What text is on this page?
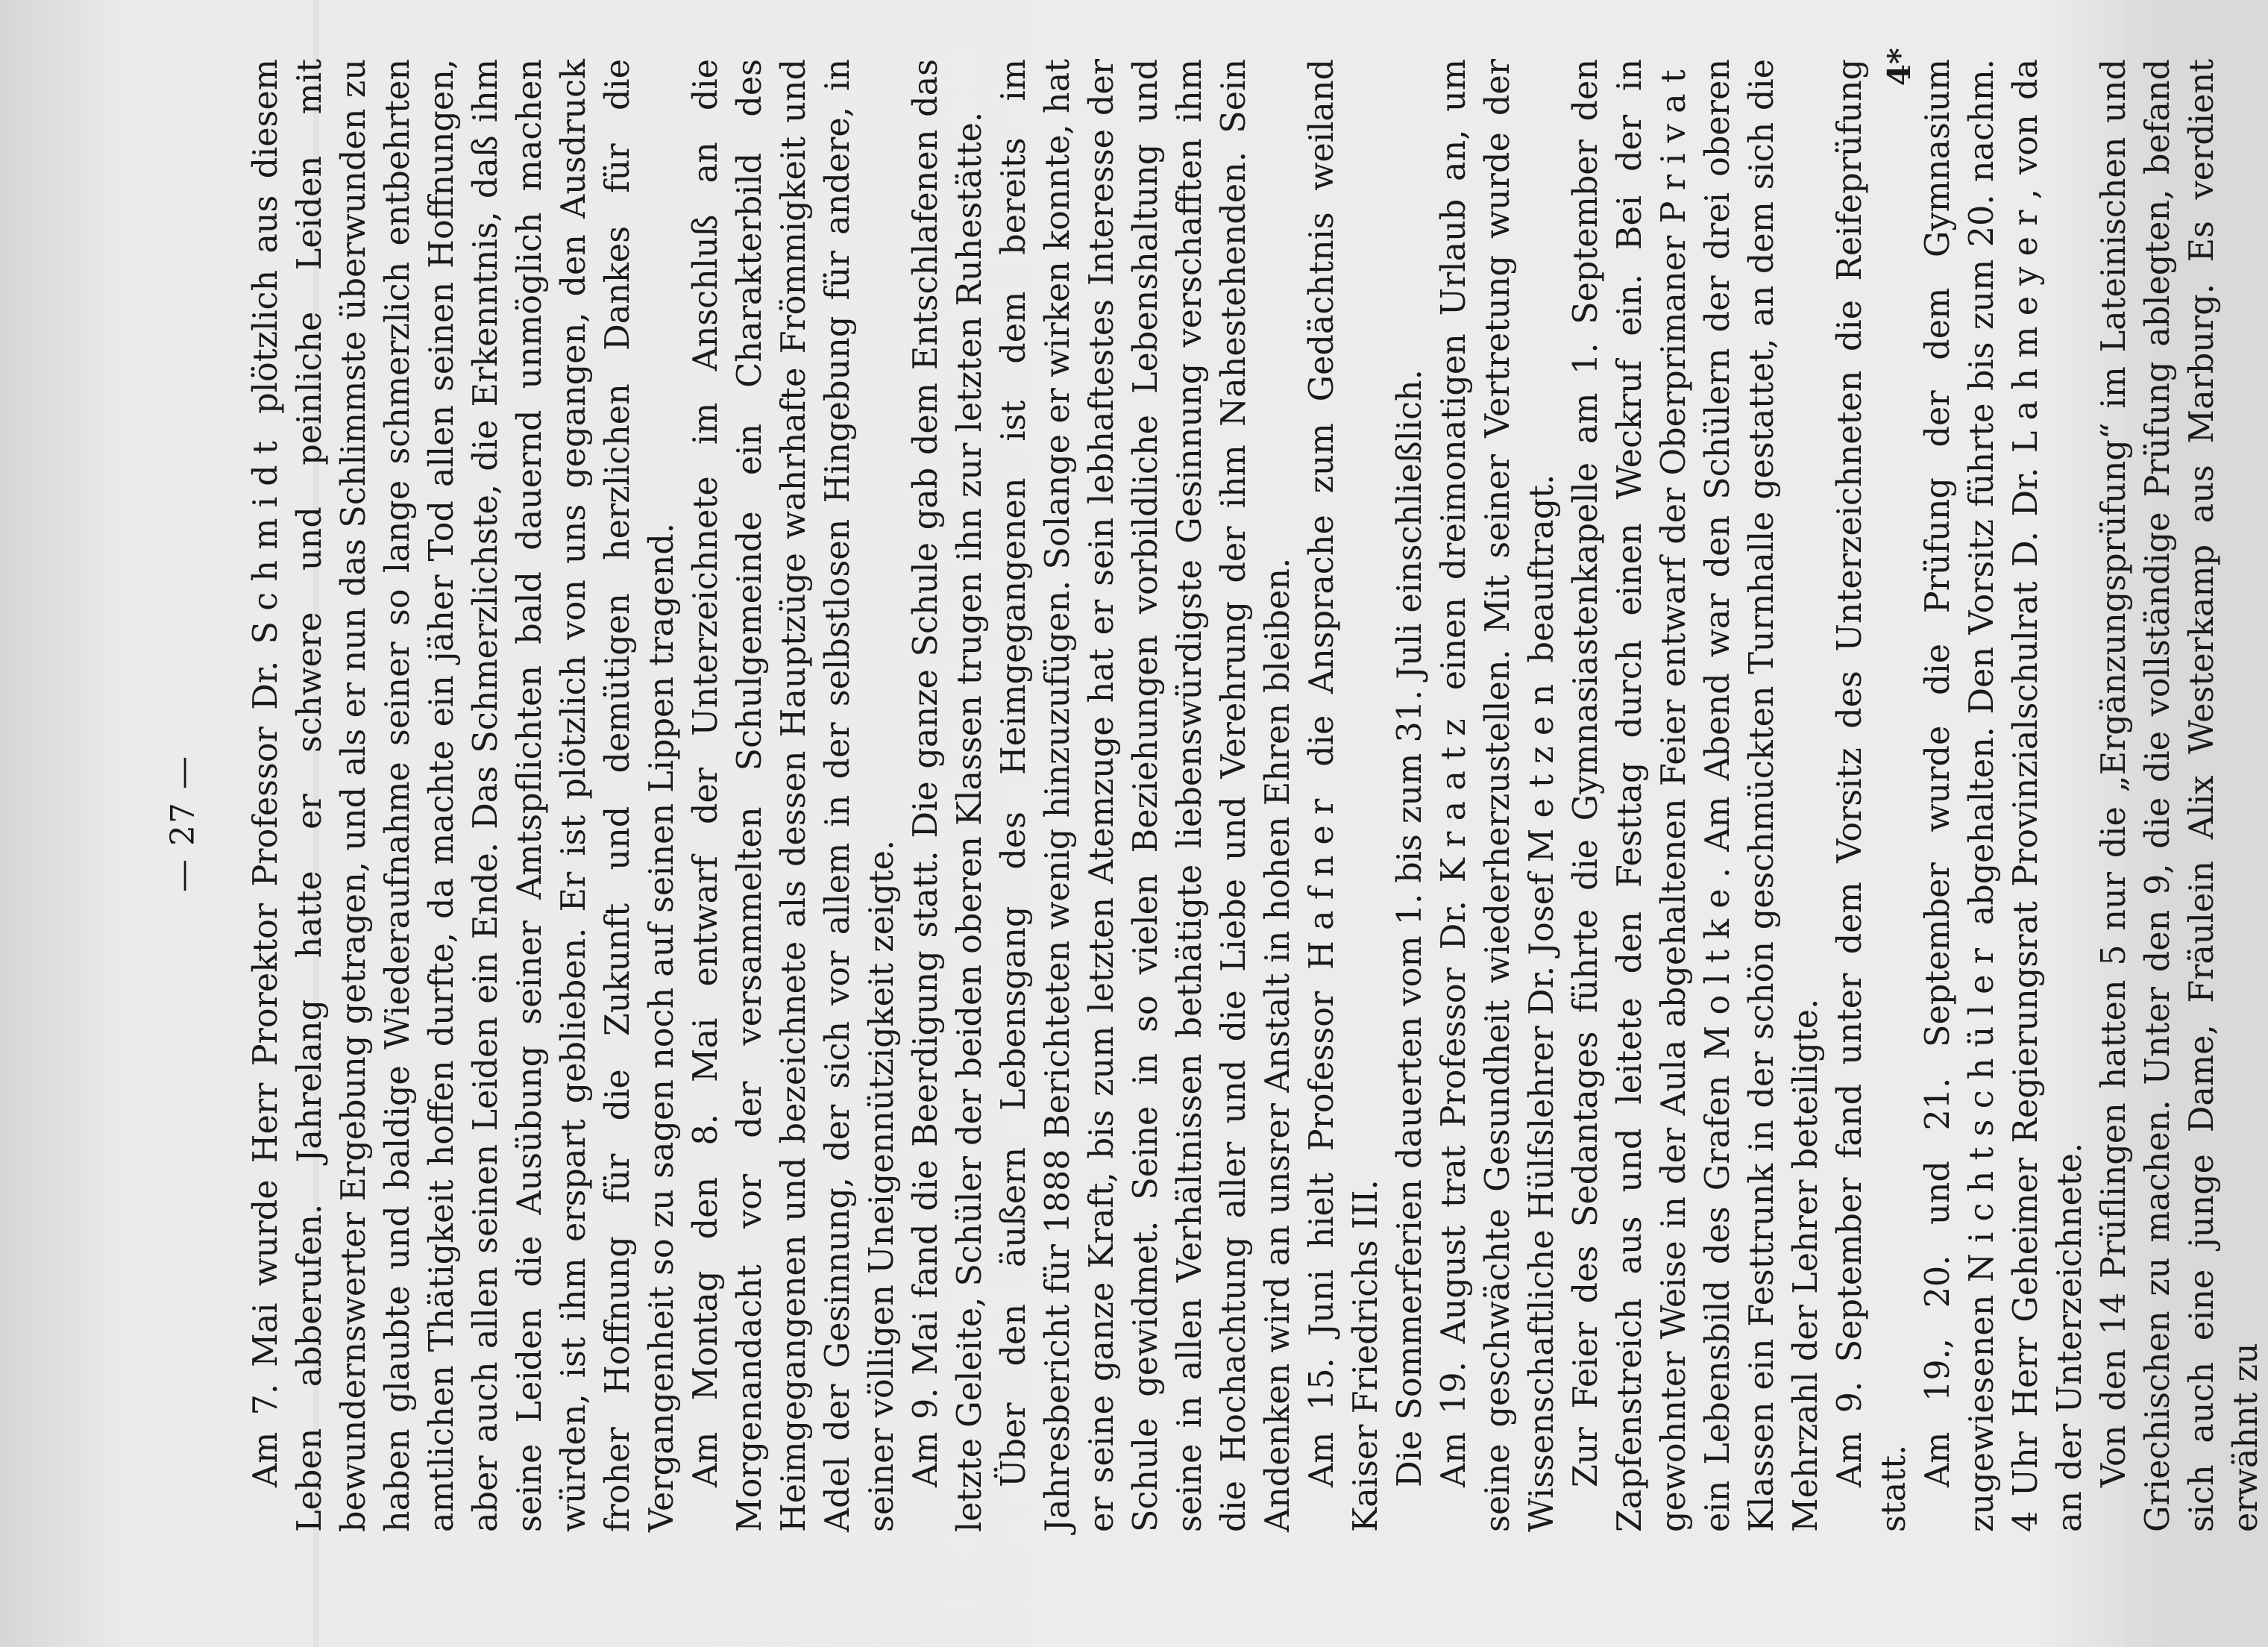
— 27 — Am 7. Mai wurde Herr Prorektor Professor Dr. Schmidt plötzlich aus diesem Leben abberufen. Jahrelang hatte er schwere und peinliche Leiden mit bewundernswerter Ergebung getragen, und als er nun das Schlimmste überwunden zu haben glaubte und baldige Wiederaufnahme seiner so lange schmerzlich entbehrten amtlichen Thätigkeit hoffen durfte, da machte ein jäher Tod allen seinen Hoffnungen, aber auch allen seinen Leiden ein Ende. Das Schmerzlichste, die Erkenntnis, daß ihm seine Leiden die Ausübung seiner Amtspflichten bald dauernd unmöglich machen würden, ist ihm erspart geblieben. Er ist plötzlich von uns gegangen, den Ausdruck froher Hoffnung für die Zukunft und demütigen herzlichen Dankes für die Vergangenheit so zu sagen noch auf seinen Lippen tragend. Am Montag den 8. Mai entwarf der Unterzeichnete im Anschluß an die Morgenandacht vor der versammelten Schulgemeinde ein Charakterbild des Heimgegangenen und bezeichnete als dessen Hauptzüge wahrhafte Frömmigkeit und Adel der Gesinnung, der sich vor allem in der selbstlosen Hingebung für andere, in seiner völligen Uneigennützigkeit zeigte. Am 9. Mai fand die Beerdigung statt. Die ganze Schule gab dem Entschlafenen das letzte Geleite, Schüler der beiden oberen Klassen trugen ihn zur letzten Ruhestätte. Über den äußern Lebensgang des Heimgegangenen ist dem bereits im Jahresbericht für 1888 Berichteten wenig hinzuzufügen. Solange er wirken konnte, hat er seine ganze Kraft, bis zum letzten Atemzuge hat er sein lebhaftestes Interesse der Schule gewidmet. Seine in so vielen Beziehungen vorbildliche Lebenshaltung und seine in allen Verhältnissen bethätigte liebenswürdigste Gesinnung verschafften ihm die Hochachtung aller und die Liebe und Verehrung der ihm Nahestehenden. Sein Andenken wird an unsrer Anstalt in hohen Ehren bleiben. Am 15. Juni hielt Professor Hafner die Ansprache zum Gedächtnis weiland Kaiser Friedrichs III. Die Sommerferien dauerten vom 1. bis zum 31. Juli einschließlich. Am 19. August trat Professor Dr. Kraatz einen dreimonatigen Urlaub an, um seine geschwächte Gesundheit wiederherzustellen. Mit seiner Vertretung wurde der Wissenschaftliche Hülfslehrer Dr. Josef Metzen beauftragt. Zur Feier des Sedantages führte die Gymnasiastenkapelle am 1. September den Zapfenstreich aus und leitete den Festtag durch einen Weckruf ein. Bei der in gewohnter Weise in der Aula abgehaltenen Feier entwarf der Oberprimaner Privat ein Lebensbild des Grafen Moltke. Am Abend war den Schülern der drei oberen Klassen ein Festtrunk in der schön geschmückten Turnhalle gestattet, an dem sich die Mehrzahl der Lehrer beteiligte. Am 9. September fand unter dem Vorsitz des Unterzeichneten die Reifeprüfung statt.

Am 19., 20. und 21. September wurde die Prüfung der dem Gymnasium zugewiesenen Nichtschüler abgehalten. Den Vorsitz führte bis zum 20. nachm. 4 Uhr Herr Geheimer Regierungsrat Provinzialschulrat D. Dr. Lahmeyer, von da an der Unterzeichnete. Von den 14 Prüflingen hatten 5 nur die „Ergänzungsprüfung“ im Lateinischen und Griechischen zu machen. Unter den 9, die die vollständige Prüfung ablegten, befand sich auch eine junge Dame, Fräulein Alix Westerkamp aus Marburg. Es verdient erwähnt zu

4*
